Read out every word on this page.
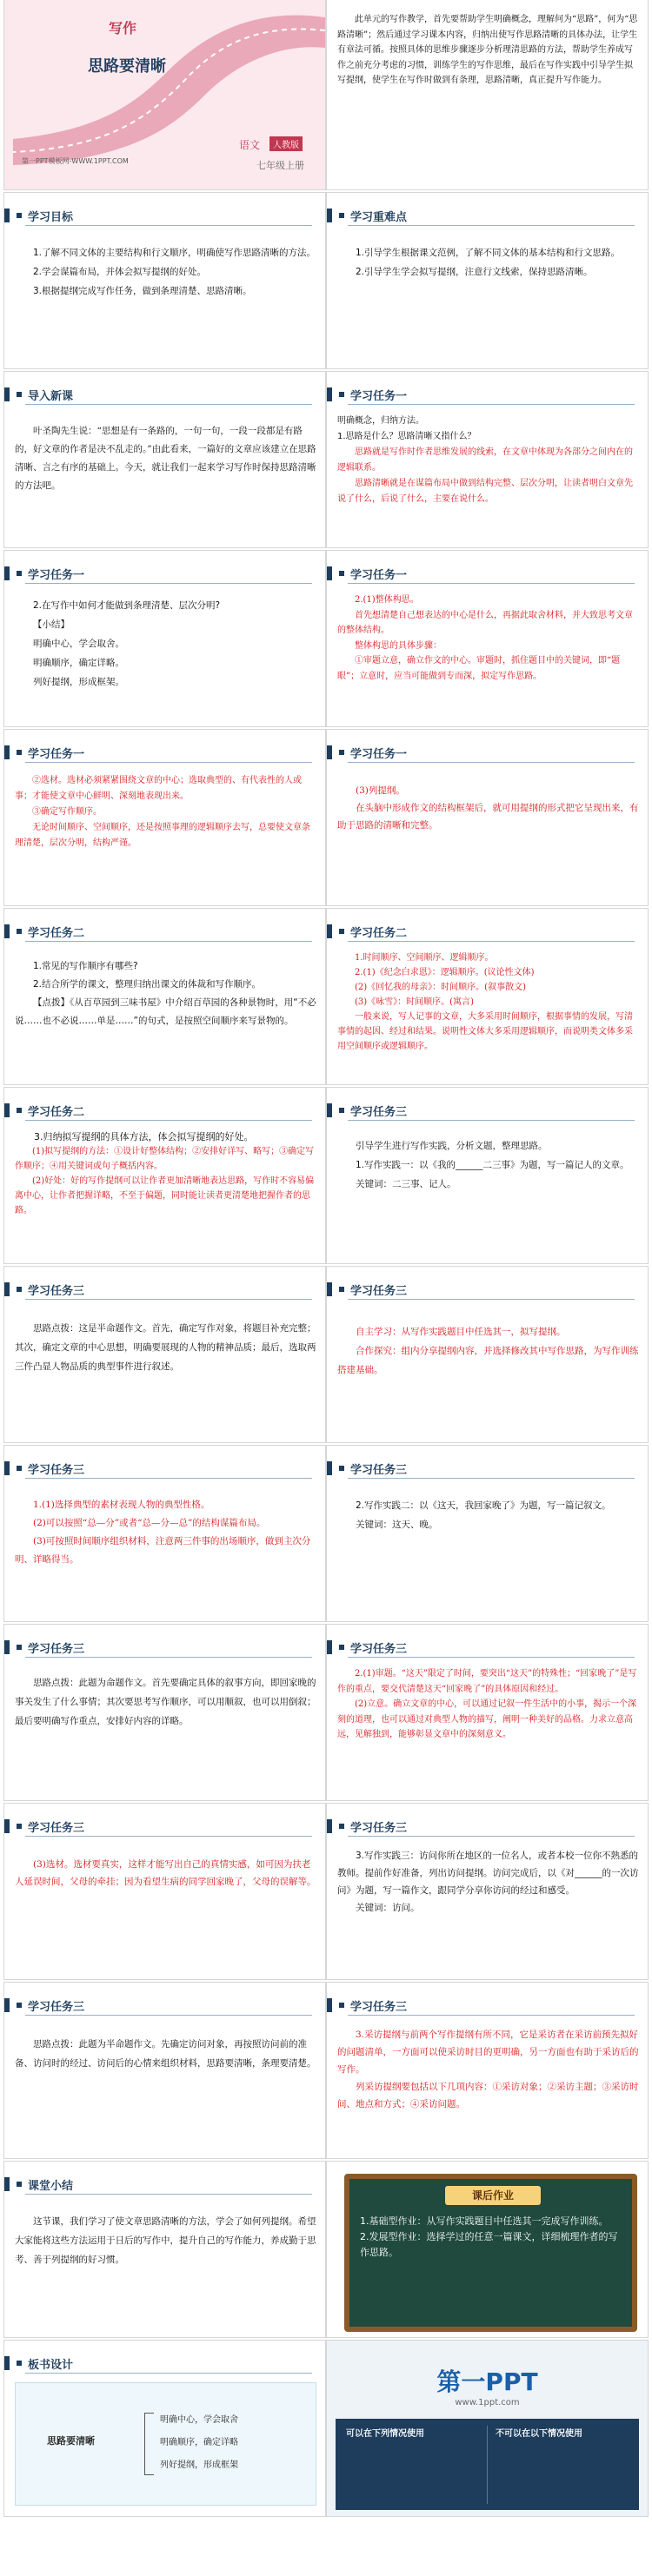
写作
思路要清晰
语文	人教版
七年级上册
第一PPT模板网-WWW.1PPT.COM

此单元的写作教学，首先要帮助学生明确概念，理解何为“思路”，何为“思路清晰”；然后通过学习课本内容，归纳出使写作思路清晰的具体办法，让学生有章法可循。按照具体的思维步骤逐步分析理清思路的方法，帮助学生养成写作之前充分考虑的习惯，训练学生的写作思维，最后在写作实践中引导学生拟写提纲，使学生在写作时做到有条理，思路清晰，真正提升写作能力。

学习目标

1.了解不同文体的主要结构和行文顺序，明确使写作思路清晰的方法。

2.学会谋篇布局，并体会拟写提纲的好处。

3.根据提纲完成写作任务，做到条理清楚、思路清晰。

学习重难点

1.引导学生根据课文范例，了解不同文体的基本结构和行文思路。

2.引导学生学会拟写提纲，注意行文线索，保持思路清晰。

导入新课

叶圣陶先生说：“思想是有一条路的，一句一句，一段一段都是有路的，好文章的作者是决不乱走的。”由此看来，一篇好的文章应该建立在思路清晰、言之有序的基础上。今天，就让我们一起来学习写作时保持思路清晰的方法吧。

学习任务一

明确概念，归纳方法。

1.思路是什么？思路清晰又指什么？

思路就是写作时作者思维发展的线索，在文章中体现为各部分之间内在的逻辑联系。

思路清晰就是在谋篇布局中做到结构完整、层次分明，让读者明白文章先说了什么，后说了什么，主要在说什么。

学习任务一

2.在写作中如何才能做到条理清楚、层次分明?

【小结】

明确中心，学会取舍。

明确顺序，确定详略。

列好提纲，形成框架。

学习任务一

2.(1)整体构思。

首先想清楚自己想表达的中心是什么，再据此取舍材料，并大致思考文章的整体结构。

整体构思的具体步骤：

①审题立意，确立作文的中心。审题时，抓住题目中的关键词，即“题眼”；立意时，应当可能做到专而深，拟定写作思路。

学习任务一

②选材。选材必须紧紧围绕文章的中心；选取典型的、有代表性的人或事；才能使文章中心鲜明、深刻地表现出来。

③确定写作顺序。

无论时间顺序、空间顺序，还是按照事理的逻辑顺序去写，总要使文章条理清楚，层次分明，结构严谨。

学习任务一

(3)列提纲。

在头脑中形成作文的结构框架后，就可用提纲的形式把它呈现出来，有助于思路的清晰和完整。

学习任务二

1.常见的写作顺序有哪些?

2.结合所学的课文，整理归纳出课文的体裁和写作顺序。

【点拨】《从百草园到三味书屋》中介绍百草园的各种景物时，用“不必说……也不必说……单是……”的句式，是按照空间顺序来写景物的。

学习任务二

1.时间顺序、空间顺序、逻辑顺序。

2.(1)《纪念白求恩》：逻辑顺序。(议论性文体)

(2)《回忆我的母亲》：时间顺序。(叙事散文)

(3)《咏雪》：时间顺序。(寓言)

一般来说，写人记事的文章，大多采用时间顺序，根据事情的发展，写清事情的起因、经过和结果。说明性文体大多采用逻辑顺序，而说明类文体多采用空间顺序或逻辑顺序。

学习任务二

3.归纳拟写提纲的具体方法，体会拟写提纲的好处。

(1)拟写提纲的方法：①设计好整体结构；②安排好详写、略写；③确定写作顺序；④用关键词或句子概括内容。

(2)好处：好的写作提纲可以让作者更加清晰地表达思路，写作时不容易偏离中心，让作者把握详略，不至于偏题，同时能让读者更清楚地把握作者的思路。

学习任务三

引导学生进行写作实践，分析文题，整理思路。

1.写作实践一：以《我的______二三事》为题，写一篇记人的文章。

关键词：二三事、记人。

学习任务三

思路点拨：这是半命题作文。首先，确定写作对象，将题目补充完整；其次，确定文章的中心思想，明确要展现的人物的精神品质；最后，选取两三件凸显人物品质的典型事件进行叙述。

学习任务三

自主学习：从写作实践题目中任选其一，拟写提纲。

合作探究：组内分享提纲内容，并选择修改其中写作思路，为写作训练搭建基础。

学习任务三

1.(1)选择典型的素材表现人物的典型性格。

(2)可以按照“总—分”或者“总—分—总”的结构谋篇布局。

(3)可按照时间顺序组织材料，注意两三件事的出场顺序，做到主次分明、详略得当。

学习任务三

2.写作实践二：以《这天，我回家晚了》为题，写一篇记叙文。

关键词：这天、晚。

学习任务三

思路点拨：此题为命题作文。首先要确定具体的叙事方向，即回家晚的事关发生了什么事情；其次要思考写作顺序，可以用顺叙，也可以用倒叙；最后要明确写作重点，安排好内容的详略。

学习任务三

2.(1)审题。“这天”限定了时间，要突出“这天”的特殊性；“回家晚了”是写作的重点，要交代清楚这天“回家晚了”的具体原因和经过。

(2)立意。确立文章的中心，可以通过记叙一件生活中的小事，揭示一个深刻的道理，也可以通过对典型人物的描写，阐明一种美好的品格。力求立意高远，见解独到，能够彰显文章中的深刻意义。

学习任务三

(3)选材。选材要真实，这样才能写出自己的真情实感，如可因为扶老人延误时间，父母的牵挂；因为看望生病的同学回家晚了，父母的误解等。

学习任务三

3.写作实践三：访问你所在地区的一位名人，或者本校一位你不熟悉的教师。提前作好准备，列出访问提纲。访问完成后，以《对______的一次访问》为题，写一篇作文，跟同学分享你访问的经过和感受。

关键词：访问。

学习任务三

思路点拨：此题为半命题作文。先确定访问对象，再按照访问前的准备、访问时的经过、访问后的心情来组织材料，思路要清晰，条理要清楚。

学习任务三

3.采访提纲与前两个写作提纲有所不同，它是采访者在采访前预先拟好的问题清单，一方面可以使采访时目的更明确，另一方面也有助于采访后的写作。

列采访提纲要包括以下几项内容：①采访对象；②采访主题；③采访时间、地点和方式；④采访问题。

课堂小结

这节课，我们学习了使文章思路清晰的方法，学会了如何列提纲。希望大家能将这些方法运用于日后的写作中，提升自己的写作能力，养成勤于思考、善于列提纲的好习惯。

课后作业

1.基础型作业：从写作实践题目中任选其一完成写作训练。

2.发展型作业：选择学过的任意一篇课文，详细梳理作者的写作思路。

板书设计
思路要清晰

明确中心，学会取舍

明确顺序，确定详略

列好提纲，形成框架

第一PPT
www.1ppt.com
可以在下列情况使用	不可以在以下情况使用
